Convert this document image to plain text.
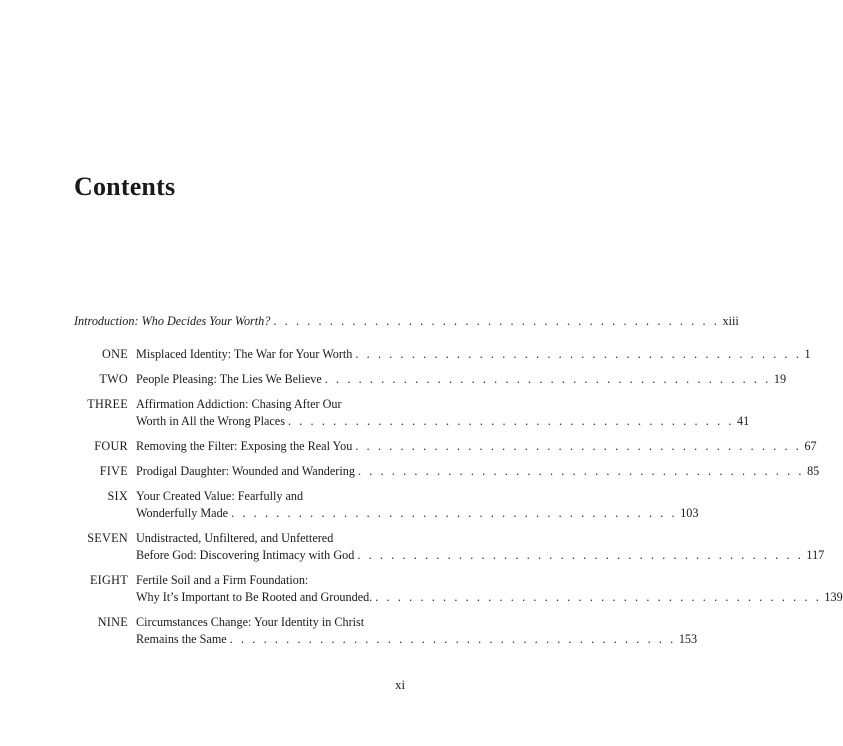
Contents
Introduction: Who Decides Your Worth? . . . . . . . . . . . . . . . . . . . . . . . . . . . . . . . . . . . . . . . . xiii
ONE Misplaced Identity: The War for Your Worth . . . . . . . . . . . . . . . . . . . . . . . . . . . . . . . . . . . . . . . . 1
TWO People Pleasing: The Lies We Believe . . . . . . . . . . . . . . . . . . . . . . . . . . . . . . . . . . . . . . . . 19
THREE Affirmation Addiction: Chasing After Our
Worth in All the Wrong Places . . . . . . . . . . . . . . . . . . . . . . . . . . . . . . . . . . . . . . . . 41
FOUR Removing the Filter: Exposing the Real You . . . . . . . . . . . . . . . . . . . . . . . . . . . . . . . . . . . . . . . . 67
FIVE Prodigal Daughter: Wounded and Wandering . . . . . . . . . . . . . . . . . . . . . . . . . . . . . . . . . . . . . . . . 85
SIX Your Created Value: Fearfully and
Wonderfully Made . . . . . . . . . . . . . . . . . . . . . . . . . . . . . . . . . . . . . . . . 103
SEVEN Undistracted, Unfiltered, and Unfettered
Before God: Discovering Intimacy with God . . . . . . . . . . . . . . . . . . . . . . . . . . . . . . . . . . . . . . . . 117
EIGHT Fertile Soil and a Firm Foundation:
Why It’s Important to Be Rooted and Grounded. . . . . . . . . . . . . . . . . . . . . . . . . . . . . . . . . . . . . . . . . 139
NINE Circumstances Change: Your Identity in Christ
Remains the Same . . . . . . . . . . . . . . . . . . . . . . . . . . . . . . . . . . . . . . . . 153
xi
